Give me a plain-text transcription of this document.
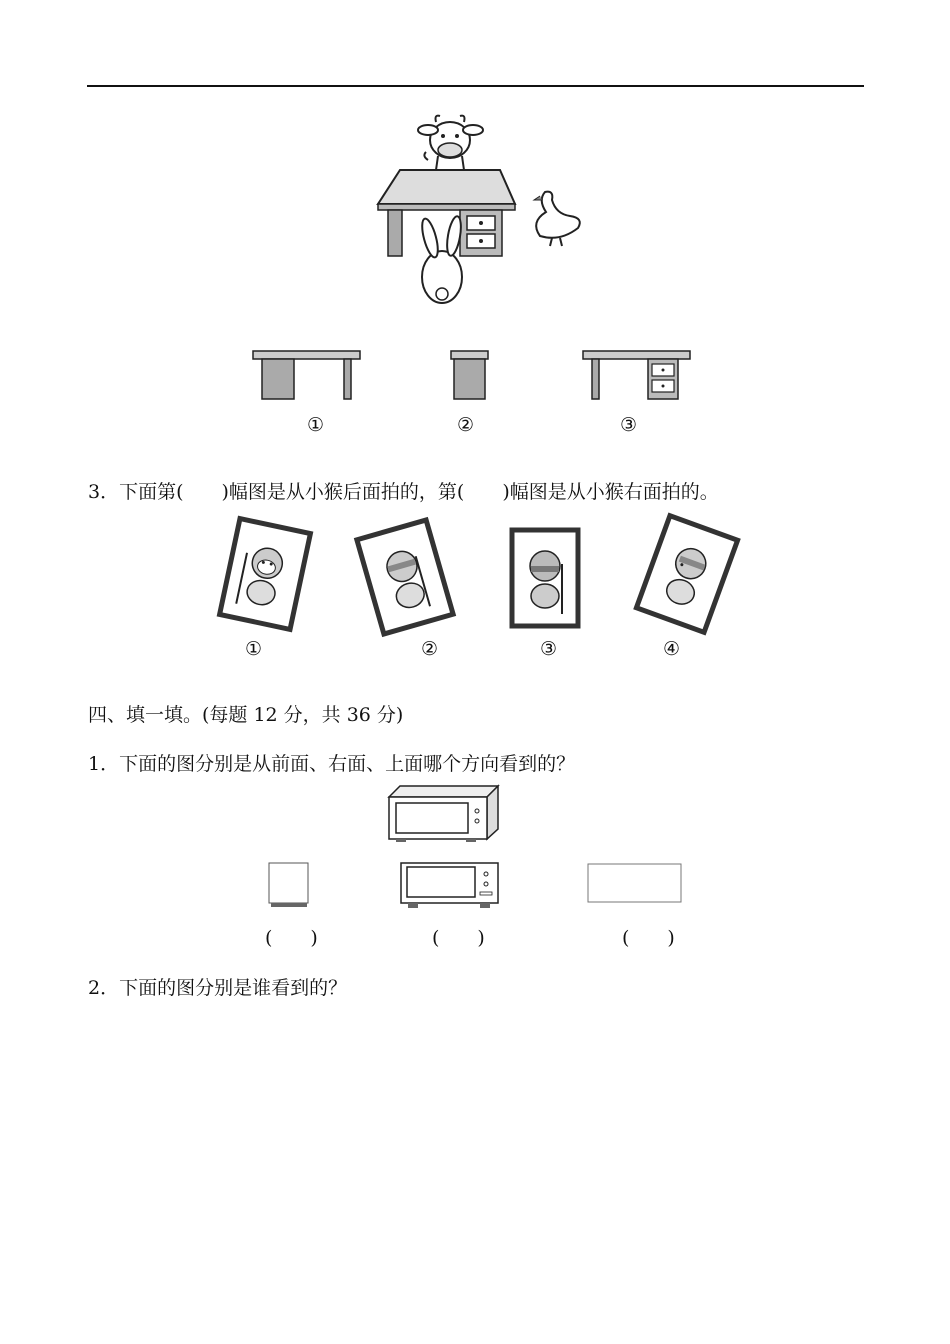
①	②	③
3．下面第(　　)幅图是从小猴后面拍的，第(　　)幅图是从小猴右面拍的。
①	②	③	④
四、填一填。(每题 12 分，共 36 分)
1．下面的图分别是从前面、右面、上面哪个方向看到的？
(　　)	(　　)	(　　)
2．下面的图分别是谁看到的？
